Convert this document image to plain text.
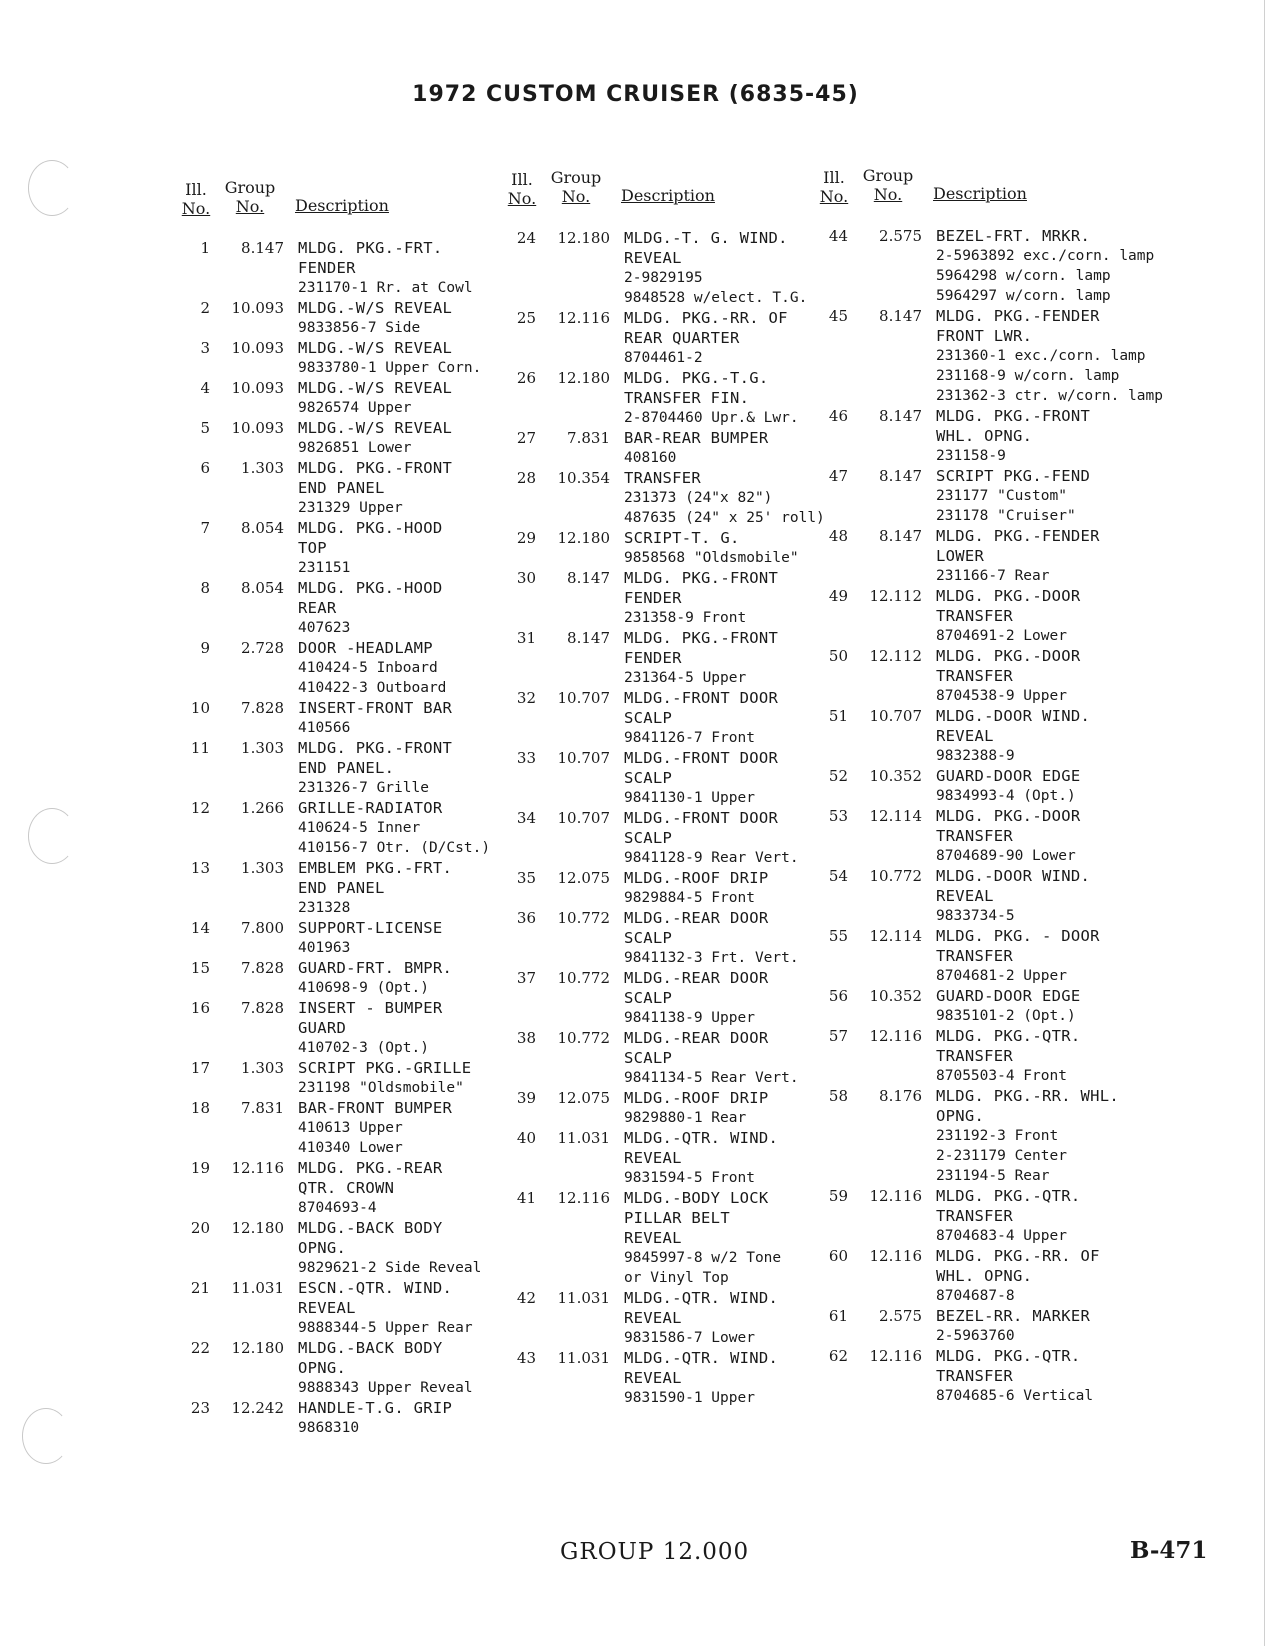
1972 CUSTOM CRUISER (6835-45)
Ill.
No.
Group
No.	Description
1	8.147 MLDG. PKG.-FRT.
FENDER
231170-1 Rr. at Cowl
2	10.093 MLDG.-W/S REVEAL
9833856-7 Side
3	10.093 MLDG.-W/S REVEAL
9833780-1 Upper Corn.
4	10.093 MLDG.-W/S REVEAL
9826574 Upper
5	10.093 MLDG.-W/S REVEAL
9826851 Lower
6	1.303 MLDG. PKG.-FRONT
END PANEL
231329 Upper
7	8.054 MLDG. PKG.-HOOD
TOP
231151
8	8.054 MLDG. PKG.-HOOD
REAR
407623
9	2.728 DOOR -HEADLAMP
410424-5 Inboard
410422-3 Outboard
10	7.828 INSERT-FRONT BAR
410566
11	1.303 MLDG. PKG.-FRONT
END PANEL.
231326-7 Grille
12	1.266 GRILLE-RADIATOR
410624-5 Inner
410156-7 Otr. (D/Cst.)
13	1.303 EMBLEM PKG.-FRT.
END PANEL
231328
14	7.800 SUPPORT-LICENSE
401963
15	7.828 GUARD-FRT. BMPR.
410698-9 (Opt.)
16	7.828 INSERT - BUMPER
GUARD
410702-3 (Opt.)
17	1.303 SCRIPT PKG.-GRILLE
231198 "Oldsmobile"
18	7.831 BAR-FRONT BUMPER
410613 Upper
410340 Lower
19	12.116 MLDG. PKG.-REAR
QTR. CROWN
8704693-4
20	12.180 MLDG.-BACK BODY
OPNG.
9829621-2 Side Reveal
21	11.031 ESCN.-QTR. WIND.
REVEAL
9888344-5 Upper Rear
22	12.180 MLDG.-BACK BODY
OPNG.
9888343 Upper Reveal
23	12.242 HANDLE-T.G. GRIP
9868310
Ill.
No.
Group
No.	Description
24	12.180 MLDG.-T. G. WIND.
REVEAL
2-9829195
9848528 w/elect. T.G.
25	12.116 MLDG. PKG.-RR. OF
REAR QUARTER
8704461-2
26	12.180 MLDG. PKG.-T.G.
TRANSFER FIN.
2-8704460 Upr.& Lwr.
27	7.831 BAR-REAR BUMPER
408160
28	10.354 TRANSFER
231373 (24"x 82")
487635 (24" x 25' roll)
29	12.180 SCRIPT-T. G.
9858568 "Oldsmobile"
30	8.147 MLDG. PKG.-FRONT
FENDER
231358-9 Front
31	8.147 MLDG. PKG.-FRONT
FENDER
231364-5 Upper
32	10.707 MLDG.-FRONT DOOR
SCALP
9841126-7 Front
33	10.707 MLDG.-FRONT DOOR
SCALP
9841130-1 Upper
34	10.707 MLDG.-FRONT DOOR
SCALP
9841128-9 Rear Vert.
35	12.075 MLDG.-ROOF DRIP
9829884-5 Front
36	10.772 MLDG.-REAR DOOR
SCALP
9841132-3 Frt. Vert.
37	10.772 MLDG.-REAR DOOR
SCALP
9841138-9 Upper
38	10.772 MLDG.-REAR DOOR
SCALP
9841134-5 Rear Vert.
39	12.075 MLDG.-ROOF DRIP
9829880-1 Rear
40	11.031 MLDG.-QTR. WIND.
REVEAL
9831594-5 Front
41	12.116 MLDG.-BODY LOCK
PILLAR BELT
REVEAL
9845997-8 w/2 Tone
or Vinyl Top
42	11.031 MLDG.-QTR. WIND.
REVEAL
9831586-7 Lower
43	11.031 MLDG.-QTR. WIND.
REVEAL
9831590-1 Upper
Ill.
No.
Group
No.	Description
44	2.575 BEZEL-FRT. MRKR.
2-5963892 exc./corn. lamp
5964298 w/corn. lamp
5964297 w/corn. lamp
45	8.147 MLDG. PKG.-FENDER
FRONT LWR.
231360-1 exc./corn. lamp
231168-9 w/corn. lamp
231362-3 ctr. w/corn. lamp
46	8.147 MLDG. PKG.-FRONT
WHL. OPNG.
231158-9
47	8.147 SCRIPT PKG.-FEND
231177 "Custom"
231178 "Cruiser"
48	8.147 MLDG. PKG.-FENDER
LOWER
231166-7 Rear
49	12.112 MLDG. PKG.-DOOR
TRANSFER
8704691-2 Lower
50	12.112 MLDG. PKG.-DOOR
TRANSFER
8704538-9 Upper
51	10.707 MLDG.-DOOR WIND.
REVEAL
9832388-9
52	10.352 GUARD-DOOR EDGE
9834993-4 (Opt.)
53	12.114 MLDG. PKG.-DOOR
TRANSFER
8704689-90 Lower
54	10.772 MLDG.-DOOR WIND.
REVEAL
9833734-5
55	12.114 MLDG. PKG. - DOOR
TRANSFER
8704681-2 Upper
56	10.352 GUARD-DOOR EDGE
9835101-2 (Opt.)
57	12.116 MLDG. PKG.-QTR.
TRANSFER
8705503-4 Front
58	8.176 MLDG. PKG.-RR. WHL.
OPNG.
231192-3 Front
2-231179 Center
231194-5 Rear
59	12.116 MLDG. PKG.-QTR.
TRANSFER
8704683-4 Upper
60	12.116 MLDG. PKG.-RR. OF
WHL. OPNG.
8704687-8
61	2.575 BEZEL-RR. MARKER
2-5963760
62	12.116 MLDG. PKG.-QTR.
TRANSFER
8704685-6 Vertical
GROUP 12.000	B-471
